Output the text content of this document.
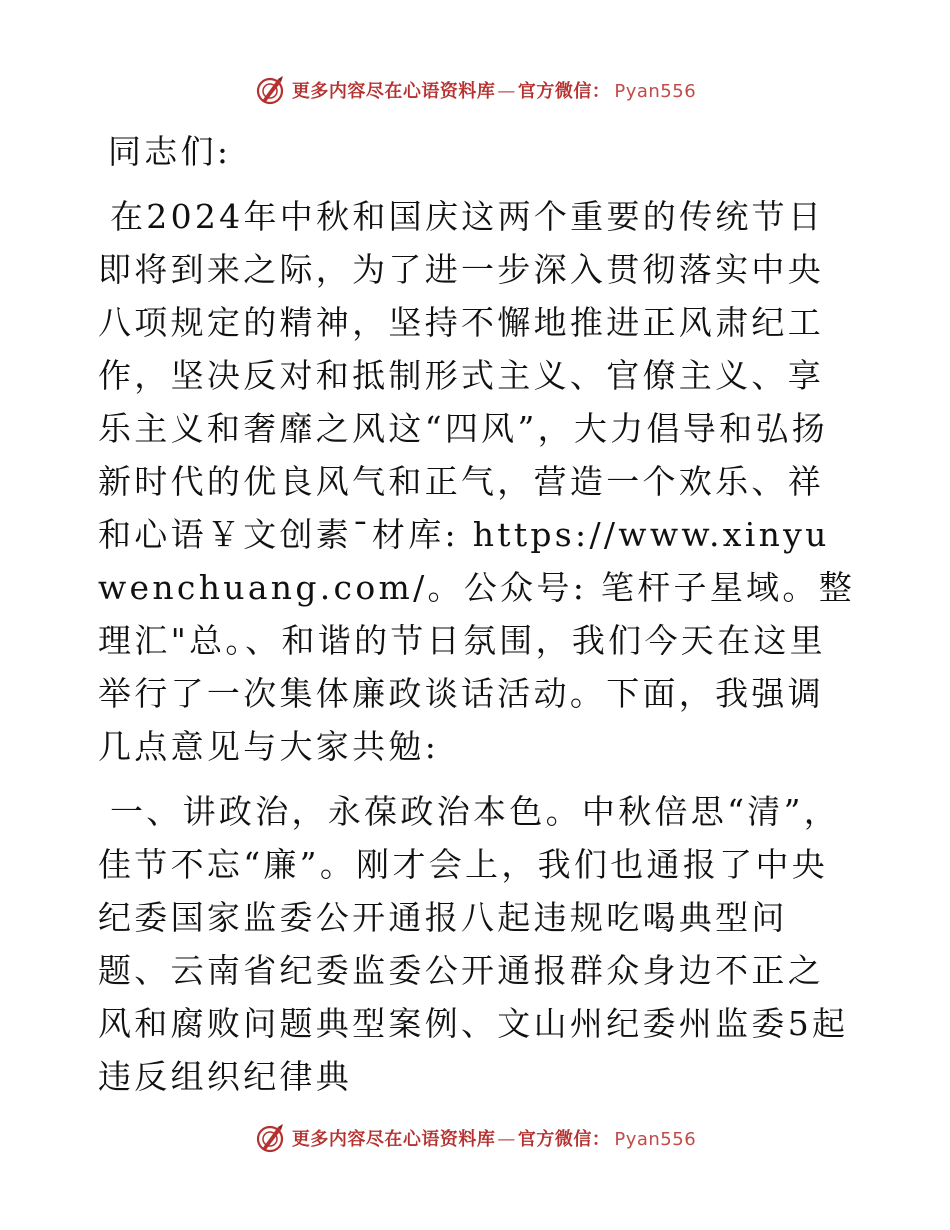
更多内容尽在心语资料库 — 官方微信： Pyan556

同志们:

在2024年中秋和国庆这两个重要的传统节日即将到来之际，为了进一步深入贯彻落实中央八项规定的精神，坚持不懈地推进正风肃纪工作，坚决反对和抵制形式主义、官僚主义、享乐主义和奢靡之风这“四风”，大力倡导和弘扬新时代的优良风气和正气，营造一个欢乐、祥和心语￥文创素¯材库: https://www.xinyuwenchuang.com/。公众号: 笔杆子星域。整理汇"总。、和谐的节日氛围，我们今天在这里举行了一次集体廉政谈话活动。下面，我强调几点意见与大家共勉:

一、讲政治，永葆政治本色。中秋倍思“清”，佳节不忘“廉”。刚才会上，我们也通报了中央纪委国家监委公开通报八起违规吃喝典型问题、云南省纪委监委公开通报群众身边不正之风和腐败问题典型案例、文山州纪委州监委5起违反组织纪律典

更多内容尽在心语资料库 — 官方微信： Pyan556
